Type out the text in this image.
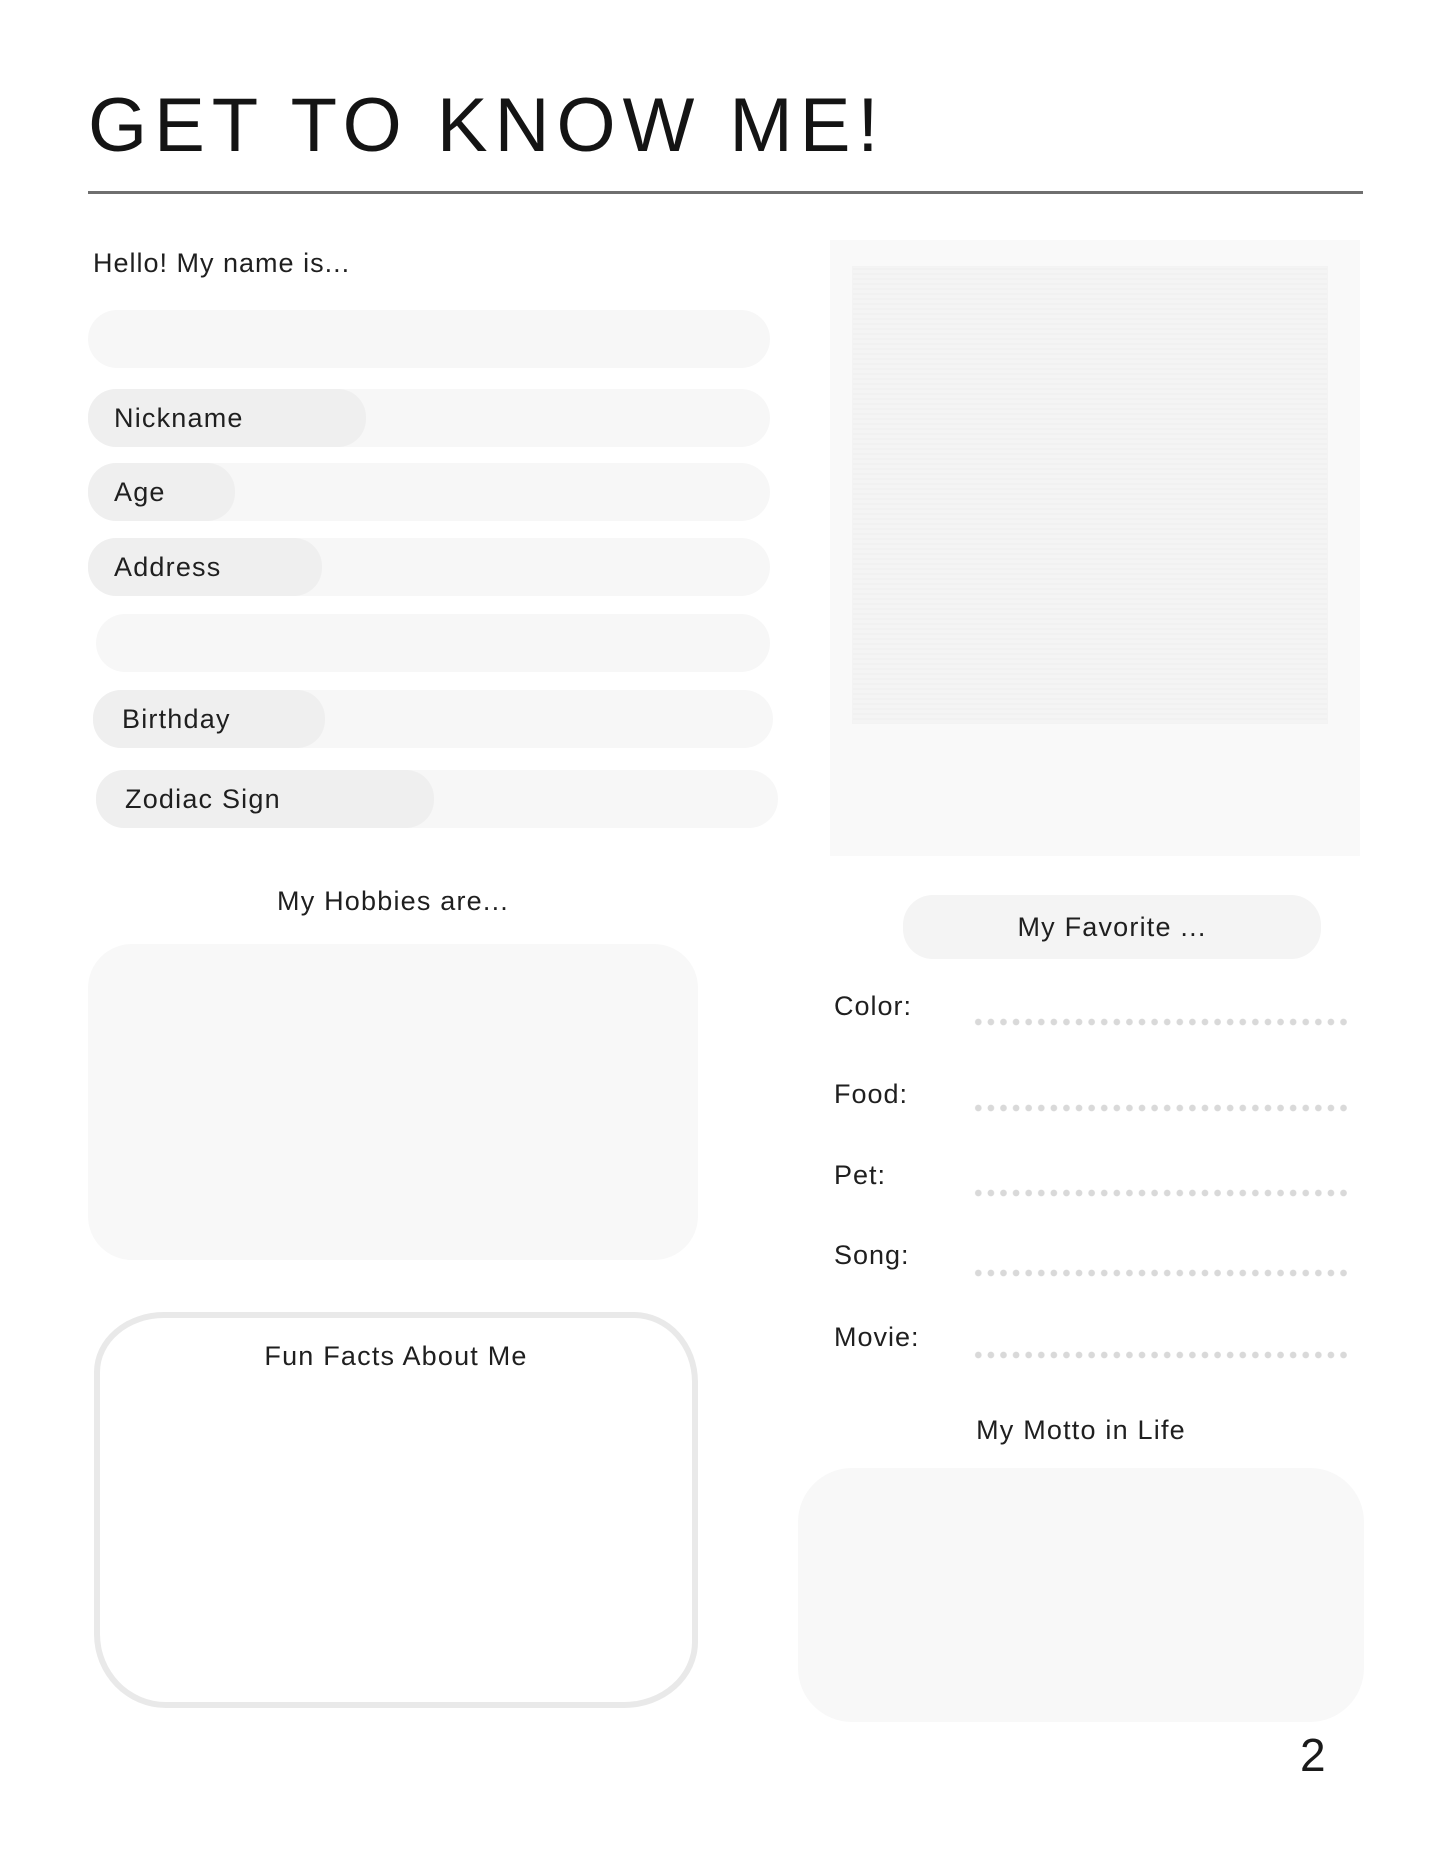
GET TO KNOW ME!
Hello! My name is...
Nickname
Age
Address
Birthday
Zodiac Sign
My Hobbies are...
Fun Facts About Me
My Favorite ...
Color:
Food:
Pet:
Song:
Movie:
My Motto in Life
2
